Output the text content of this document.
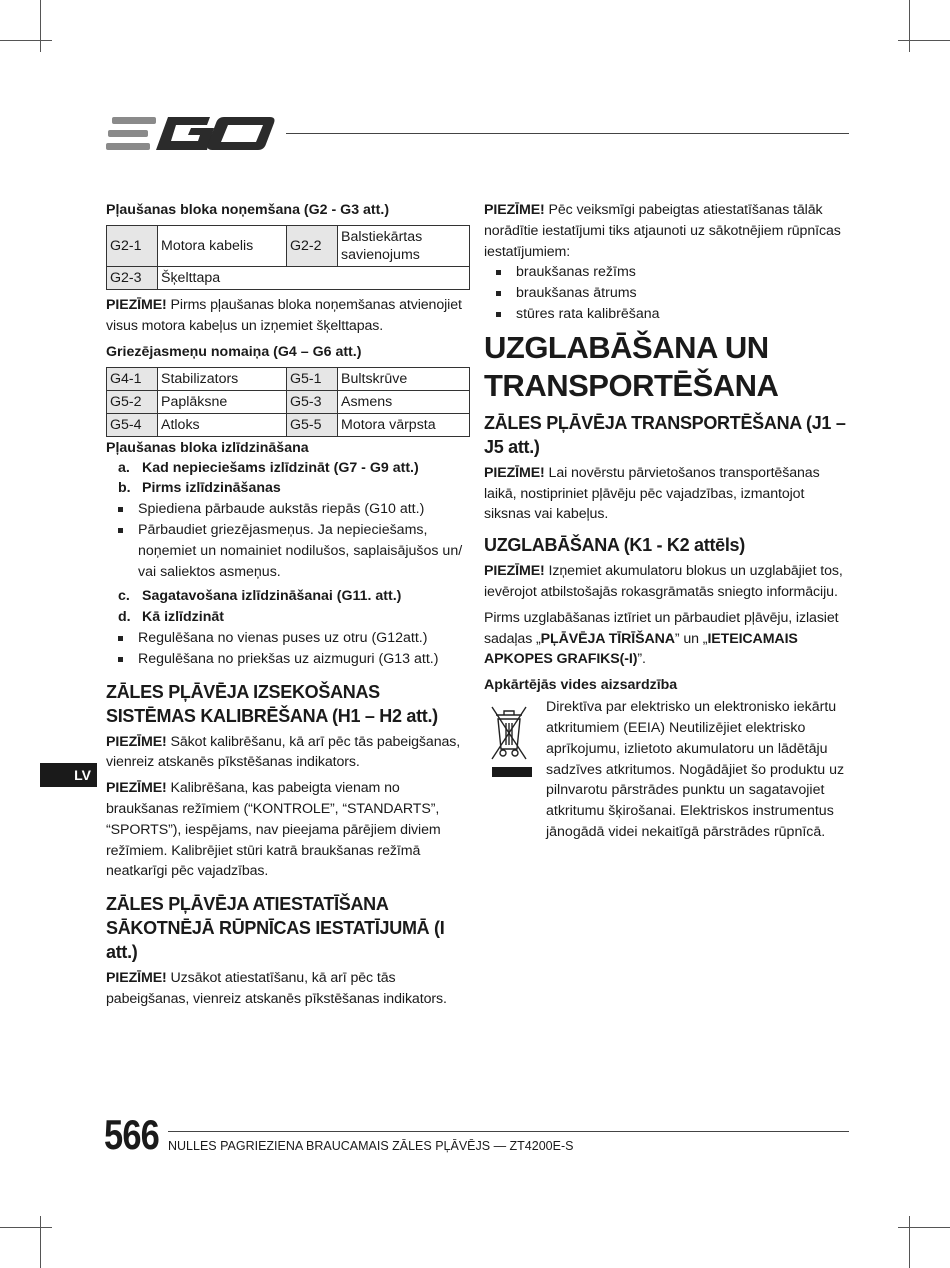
Pļaušanas bloka noņemšana (G2 - G3 att.)
G2-1	Motora kabelis	G2-2	Balstiekārtas savienojums
G2-3	Šķelttapa		

PIEZĪME! Pirms pļaušanas bloka noņemšanas atvienojiet visus motora kabeļus un izņemiet šķelttapas.

Griezējasmeņu nomaiņa (G4 – G6 att.)
G4-1	Stabilizators	G5-1	Bultskrūve
G5-2	Paplāksne	G5-3	Asmens
G5-4	Atloks	G5-5	Motora vārpsta
Pļaušanas bloka izlīdzināšana
a. Kad nepieciešams izlīdzināt (G7 - G9 att.)
b. Pirms izlīdzināšanas
Spiediena pārbaude aukstās riepās (G10 att.)
Pārbaudiet griezējasmeņus. Ja nepieciešams, noņemiet un nomainiet nodilušos, saplaisājušos un/ vai saliektos asmeņus.
c. Sagatavošana izlīdzināšanai (G11. att.)
d. Kā izlīdzināt
Regulēšana no vienas puses uz otru (G12att.)
Regulēšana no priekšas uz aizmuguri (G13 att.)
ZĀLES PĻĀVĒJA IZSEKOŠANAS SISTĒMAS KALIBRĒŠANA (H1 – H2 att.)

PIEZĪME! Sākot kalibrēšanu, kā arī pēc tās pabeigšanas, vienreiz atskanēs pīkstēšanas indikators.

PIEZĪME! Kalibrēšana, kas pabeigta vienam no braukšanas režīmiem (“KONTROLE”, “STANDARTS”, “SPORTS”), iespējams, nav pieejama pārējiem diviem režīmiem. Kalibrējiet stūri katrā braukšanas režīmā neatkarīgi pēc vajadzības.

ZĀLES PĻĀVĒJA ATIESTATĪŠANA SĀKOTNĒJĀ RŪPNĪCAS IESTATĪJUMĀ (I att.)

PIEZĪME! Uzsākot atiestatīšanu, kā arī pēc tās pabeigšanas, vienreiz atskanēs pīkstēšanas indikators.

PIEZĪME! Pēc veiksmīgi pabeigtas atiestatīšanas tālāk norādītie iestatījumi tiks atjaunoti uz sākotnējiem rūpnīcas iestatījumiem:

braukšanas režīms
braukšanas ātrums
stūres rata kalibrēšana
UZGLABĀŠANA UN TRANSPORTĒŠANA
ZĀLES PĻĀVĒJA TRANSPORTĒŠANA (J1 – J5 att.)

PIEZĪME! Lai novērstu pārvietošanos transportēšanas laikā, nostipriniet pļāvēju pēc vajadzības, izmantojot siksnas vai kabeļus.

UZGLABĀŠANA (K1 - K2 attēls)

PIEZĪME! Izņemiet akumulatoru blokus un uzglabājiet tos, ievērojot atbilstošajās rokasgrāmatās sniegto informāciju.

Pirms uzglabāšanas iztīriet un pārbaudiet pļāvēju, izlasiet sadaļas „PĻĀVĒJA TĪRĪŠANA” un „IETEICAMAIS APKOPES GRAFIKS(-I)”.

Apkārtējās vides aizsardzība
Direktīva par elektrisko un elektronisko iekārtu atkritumiem (EEIA) Neutilizējiet elektrisko aprīkojumu, izlietoto akumulatoru un lādētāju sadzīves atkritumos. Nogādājiet šo produktu uz pilnvarotu pārstrādes punktu un sagatavojiet atkritumu šķirošanai. Elektriskos instrumentus jānogādā videi nekaitīgā pārstrādes rūpnīcā.
LV
566 NULLES PAGRIEZIENA BRAUCAMAIS ZĀLES PĻĀVĒJS — ZT4200E-S
